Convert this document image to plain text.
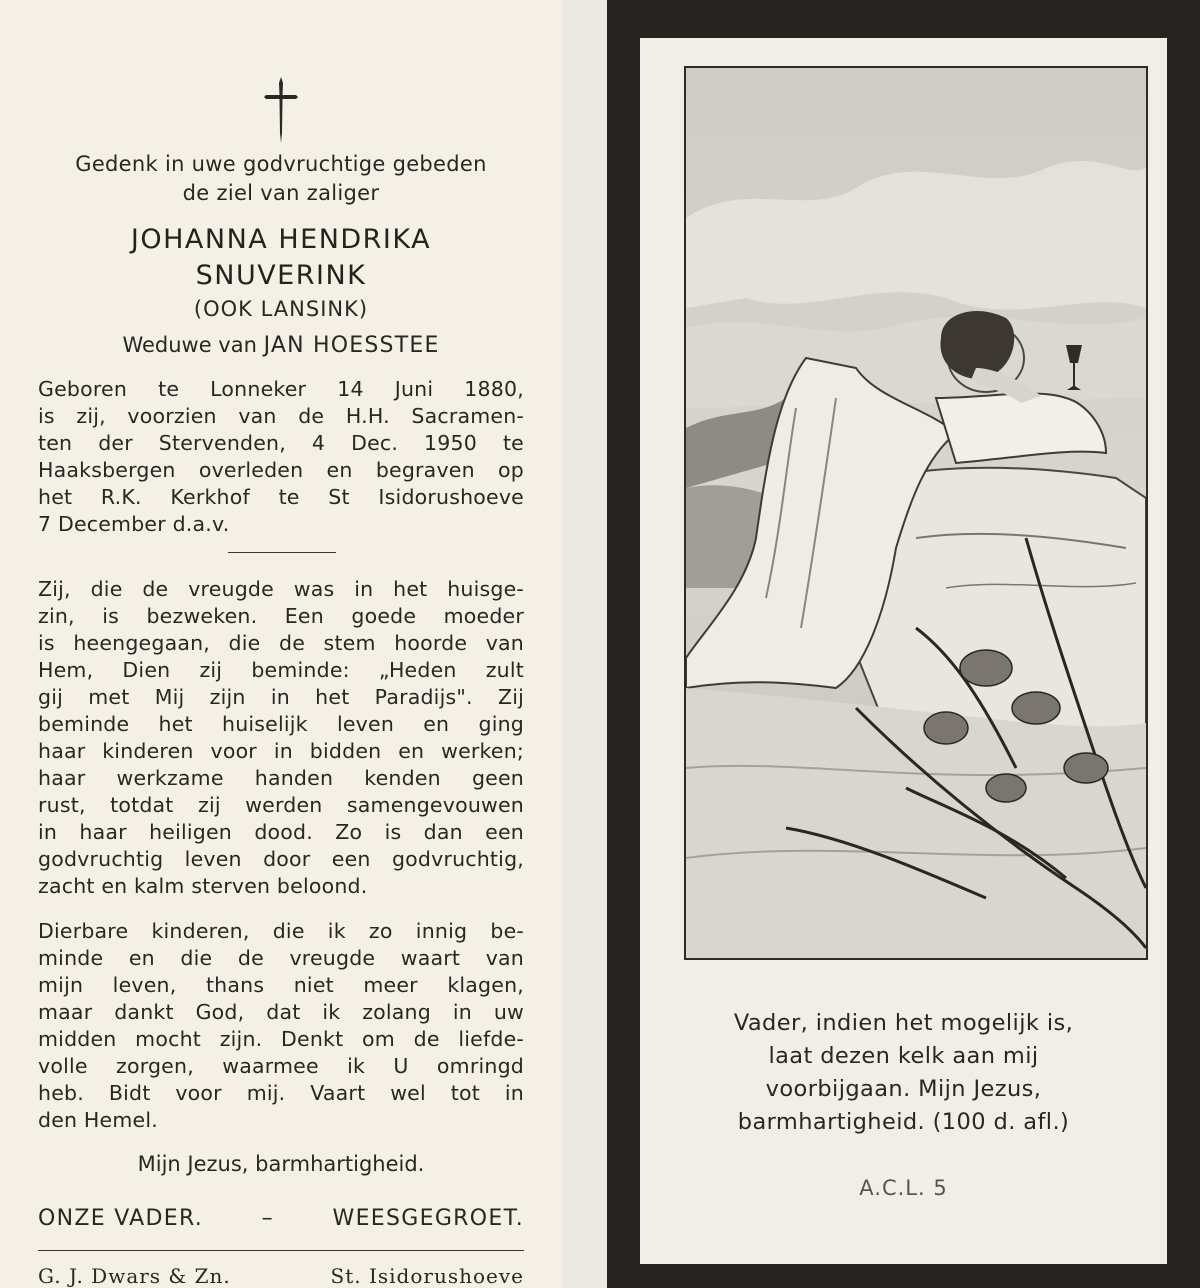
Gedenk in uwe godvruchtige gebeden
de ziel van zaliger
JOHANNA HENDRIKA
SNUVERINK
(OOK LANSINK)
Weduwe van JAN HOESSTEE
Geboren te Lonneker 14 Juni 1880,
is zij, voorzien van de H.H. Sacramen-
ten der Stervenden, 4 Dec. 1950 te
Haaksbergen overleden en begraven op
het R.K. Kerkhof te St Isidorushoeve
7 December d.a.v.
Zij, die de vreugde was in het huisge-
zin, is bezweken. Een goede moeder
is heengegaan, die de stem hoorde van
Hem, Dien zij beminde: „Heden zult
gij met Mij zijn in het Paradijs". Zij
beminde het huiselijk leven en ging
haar kinderen voor in bidden en werken;
haar werkzame handen kenden geen
rust, totdat zij werden samengevouwen
in haar heiligen dood. Zo is dan een
godvruchtig leven door een godvruchtig,
zacht en kalm sterven beloond.
Dierbare kinderen, die ik zo innig be-
minde en die de vreugde waart van
mijn leven, thans niet meer klagen,
maar dankt God, dat ik zolang in uw
midden mocht zijn. Denkt om de liefde-
volle zorgen, waarmee ik U omringd
heb. Bidt voor mij. Vaart wel tot in
den Hemel.
Mijn Jezus, barmhartigheid.
ONZE VADER.	–	WEESGEGROET.
G. J. Dwars & Zn.	St. Isidorushoeve
Vader, indien het mogelijk is,
laat dezen kelk aan mij
voorbijgaan. Mijn Jezus,
barmhartigheid. (100 d. afl.)
A.C.L. 5
